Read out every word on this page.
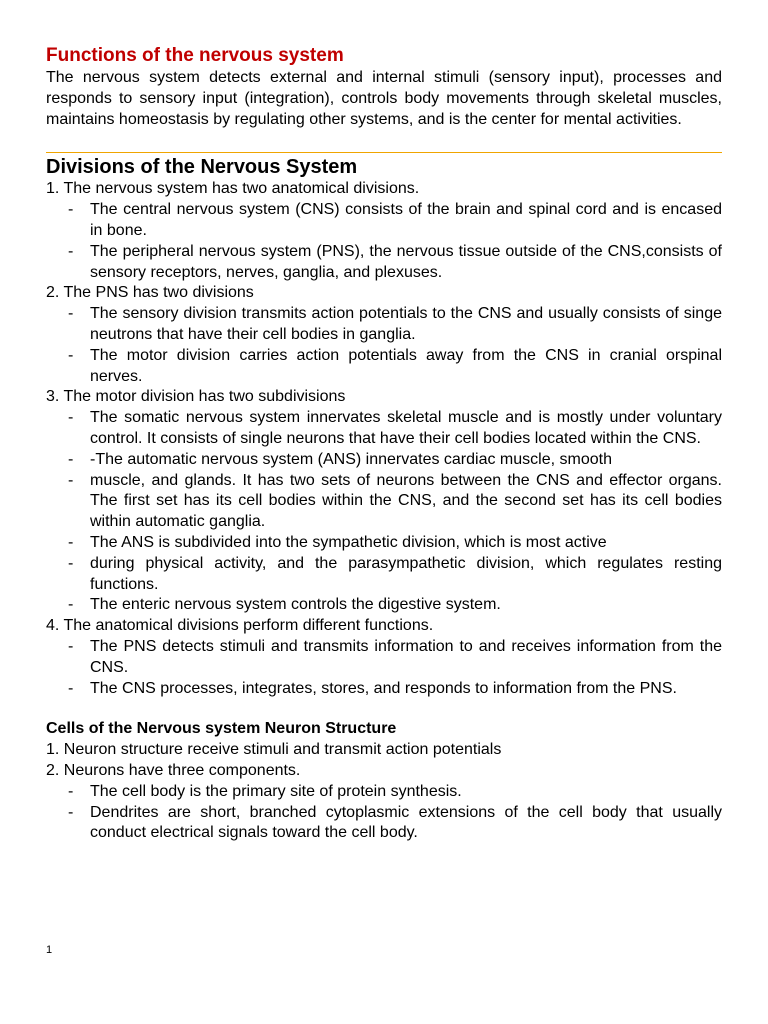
Functions of the nervous system

The nervous system detects external and internal stimuli (sensory input), processes and responds to sensory input (integration), controls body movements through skeletal muscles, maintains homeostasis by regulating other systems, and is the center for mental activities.

Divisions of the Nervous System

1. The nervous system has two anatomical divisions.

- The central nervous system (CNS) consists of the brain and spinal cord and is encased in bone.

- The peripheral nervous system (PNS), the nervous tissue outside of the CNS,consists of sensory receptors, nerves, ganglia, and plexuses.

2. The PNS has two divisions

- The sensory division transmits action potentials to the CNS and usually consists of singe neutrons that have their cell bodies in ganglia.

- The motor division carries action potentials away from the CNS in cranial orspinal nerves.

3. The motor division has two subdivisions

- The somatic nervous system innervates skeletal muscle and is mostly under voluntary control. It consists of single neurons that have their cell bodies located within the CNS.

- -The automatic nervous system (ANS) innervates cardiac muscle, smooth

- muscle, and glands. It has two sets of neurons between the CNS and effector organs. The first set has its cell bodies within the CNS, and the second set has its cell bodies within automatic ganglia.

- The ANS is subdivided into the sympathetic division, which is most active

- during physical activity, and the parasympathetic division, which regulates resting functions.

- The enteric nervous system controls the digestive system.

4. The anatomical divisions perform different functions.

- The PNS detects stimuli and transmits information to and receives information from the CNS.

- The CNS processes, integrates, stores, and responds to information from the PNS.

Cells of the Nervous system Neuron Structure

1. Neuron structure receive stimuli and transmit action potentials

2. Neurons have three components.

- The cell body is the primary site of protein synthesis.

- Dendrites are short, branched cytoplasmic extensions of the cell body that usually conduct electrical signals toward the cell body.

1
